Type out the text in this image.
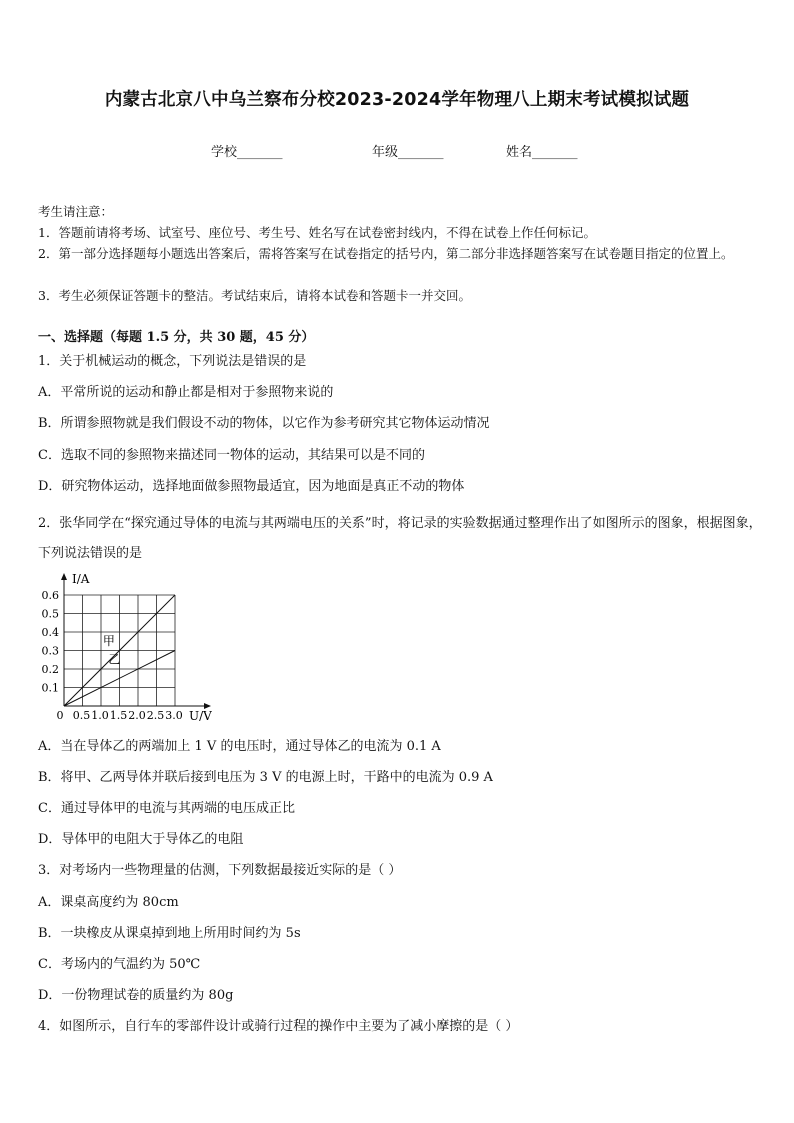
内蒙古北京八中乌兰察布分校2023-2024学年物理八上期末考试模拟试题
学校_______	年级_______	姓名_______
考生请注意：
1．答题前请将考场、试室号、座位号、考生号、姓名写在试卷密封线内，不得在试卷上作任何标记。
2．第一部分选择题每小题选出答案后，需将答案写在试卷指定的括号内，第二部分非选择题答案写在试卷题目指定的位置上。
3．考生必须保证答题卡的整洁。考试结束后，请将本试卷和答题卡一并交回。
一、选择题（每题 1.5 分，共 30 题，45 分）
1．关于机械运动的概念，下列说法是错误的是
A．平常所说的运动和静止都是相对于参照物来说的
B．所谓参照物就是我们假设不动的物体，以它作为参考研究其它物体运动情况
C．选取不同的参照物来描述同一物体的运动，其结果可以是不同的
D．研究物体运动，选择地面做参照物最适宜，因为地面是真正不动的物体
2．张华同学在“探究通过导体的电流与其两端电压的关系”时，将记录的实验数据通过整理作出了如图所示的图象，根据图象，下列说法错误的是
甲
乙
0.1
0.2
0.3
0.4
0.5
0.6
0 0.5 1.0 1.5 2.0 2.5 3.0
I/A
U/V
A．当在导体乙的两端加上 1 V 的电压时，通过导体乙的电流为 0.1 A
B．将甲、乙两导体并联后接到电压为 3 V 的电源上时，干路中的电流为 0.9 A
C．通过导体甲的电流与其两端的电压成正比
D．导体甲的电阻大于导体乙的电阻
3．对考场内一些物理量的估测，下列数据最接近实际的是（ ）
A．课桌高度约为 80cm
B．一块橡皮从课桌掉到地上所用时间约为 5s
C．考场内的气温约为 50℃
D．一份物理试卷的质量约为 80g
4．如图所示，自行车的零部件设计或骑行过程的操作中主要为了减小摩擦的是（ ）
